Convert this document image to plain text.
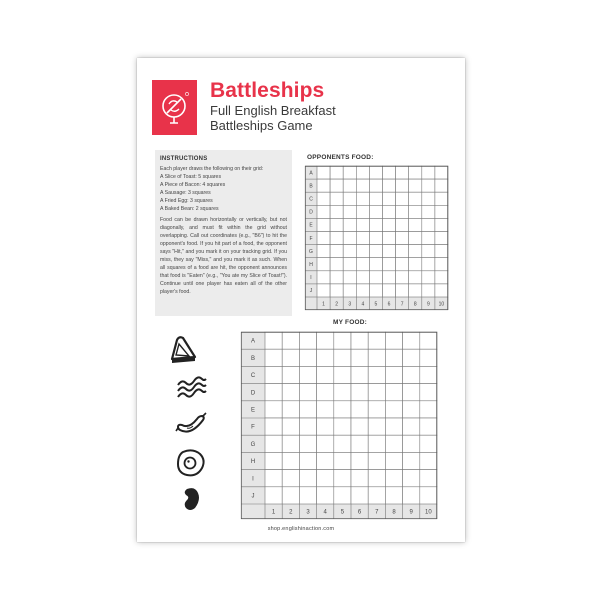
Battleships
Full English Breakfast Battleships Game
INSTRUCTIONS

Each player draws the following on their grid:

A Slice of Toast: 5 squares

A Piece of Bacon: 4 squares

A Sausage: 3 squares

A Fried Egg: 3 squares

A Baked Bean: 2 squares

Food can be drawn horizontally or vertically, but not diagonally, and must fit within the grid without overlapping. Call out coordinates (e.g., "B6") to hit the opponent's food. If you hit part of a food, the opponent says "Hit," and you mark it on your tracking grid. If you miss, they say "Miss," and you mark it as such. When all squares of a food are hit, the opponent announces that food is "Eaten" (e.g., "You ate my Slice of Toast!"). Continue until one player has eaten all of the other player's food.

OPPONENTS FOOD:
A
B
C
D
E
F
G
H
I
J
1 2 3 4 5 6 7 8 9 10
MY FOOD:
A
B
C
D
E
F
G
H
I
J
1 2 3 4 5 6 7 8 9 10
shop.englishinaction.com
